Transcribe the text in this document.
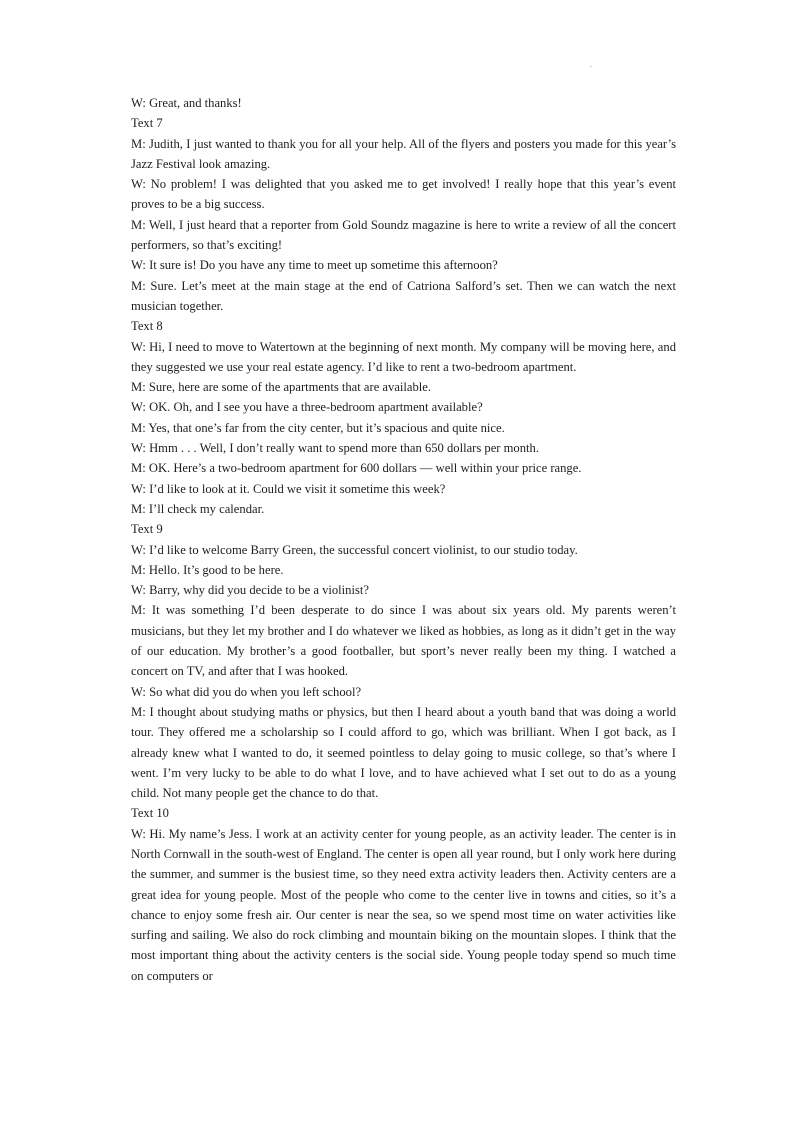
.

W: Great, and thanks!

Text 7

M: Judith, I just wanted to thank you for all your help. All of the flyers and posters you made for this year’s Jazz Festival look amazing.

W: No problem! I was delighted that you asked me to get involved! I really hope that this year’s event proves to be a big success.

M: Well, I just heard that a reporter from Gold Soundz magazine is here to write a review of all the concert performers, so that’s exciting!

W: It sure is! Do you have any time to meet up sometime this afternoon?

M: Sure. Let’s meet at the main stage at the end of Catriona Salford’s set. Then we can watch the next musician together.

Text 8

W: Hi, I need to move to Watertown at the beginning of next month. My company will be moving here, and they suggested we use your real estate agency. I’d like to rent a two-bedroom apartment.

M: Sure, here are some of the apartments that are available.

W: OK. Oh, and I see you have a three-bedroom apartment available?

M: Yes, that one’s far from the city center, but it’s spacious and quite nice.

W: Hmm . . . Well, I don’t really want to spend more than 650 dollars per month.

M: OK. Here’s a two-bedroom apartment for 600 dollars — well within your price range.

W: I’d like to look at it. Could we visit it sometime this week?

M: I’ll check my calendar.

Text 9

W: I’d like to welcome Barry Green, the successful concert violinist, to our studio today.

M: Hello. It’s good to be here.

W: Barry, why did you decide to be a violinist?

M: It was something I’d been desperate to do since I was about six years old. My parents weren’t musicians, but they let my brother and I do whatever we liked as hobbies, as long as it didn’t get in the way of our education. My brother’s a good footballer, but sport’s never really been my thing. I watched a concert on TV, and after that I was hooked.

W: So what did you do when you left school?

M: I thought about studying maths or physics, but then I heard about a youth band that was doing a world tour. They offered me a scholarship so I could afford to go, which was brilliant. When I got back, as I already knew what I wanted to do, it seemed pointless to delay going to music college, so that’s where I went. I’m very lucky to be able to do what I love, and to have achieved what I set out to do as a young child. Not many people get the chance to do that.

Text 10

W: Hi. My name’s Jess. I work at an activity center for young people, as an activity leader. The center is in North Cornwall in the south-west of England. The center is open all year round, but I only work here during the summer, and summer is the busiest time, so they need extra activity leaders then. Activity centers are a great idea for young people. Most of the people who come to the center live in towns and cities, so it’s a chance to enjoy some fresh air. Our center is near the sea, so we spend most time on water activities like surfing and sailing. We also do rock climbing and mountain biking on the mountain slopes. I think that the most important thing about the activity centers is the social side. Young people today spend so much time on computers or
